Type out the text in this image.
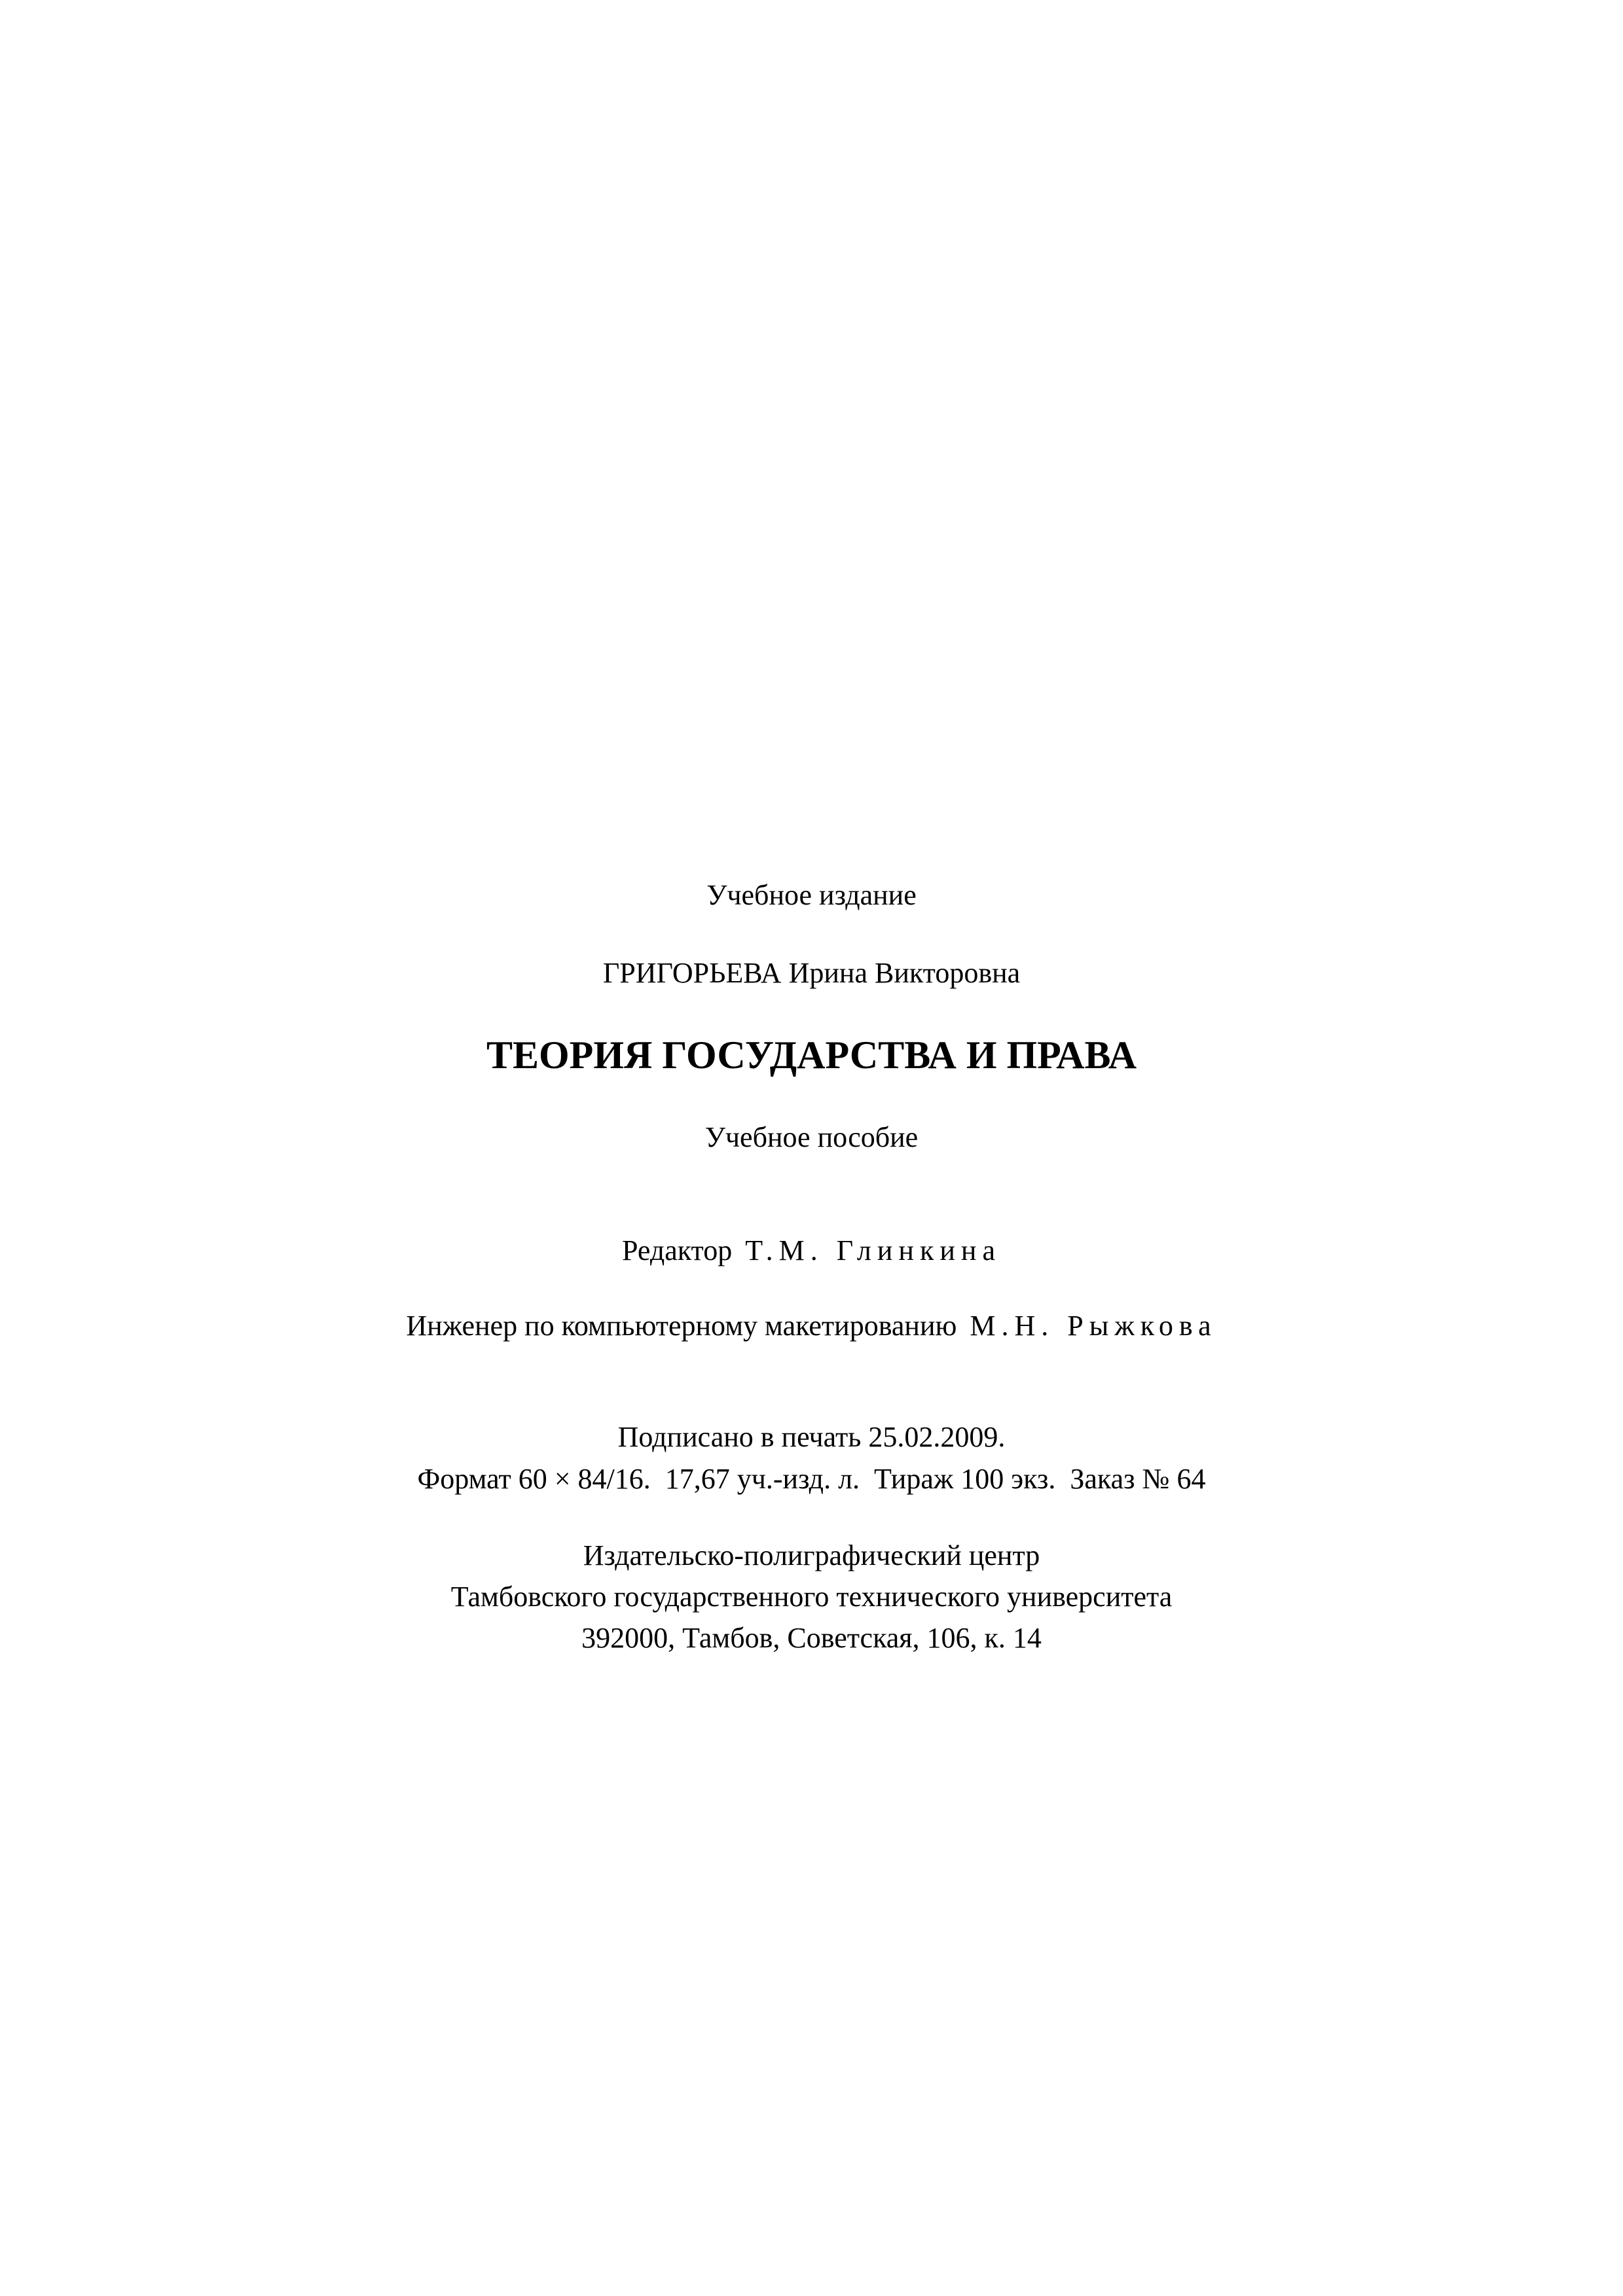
Учебное издание
ГРИГОРЬЕВА Ирина Викторовна
ТЕОРИЯ ГОСУДАРСТВА И ПРАВА
Учебное пособие
Редактор Т.М. Глинкина
Инженер по компьютерному макетированию М.Н. Рыжкова
Подписано в печать 25.02.2009.
Формат 60 × 84/16.  17,67 уч.-изд. л.  Тираж 100 экз.  Заказ № 64
Издательско-полиграфический центр
Тамбовского государственного технического университета
392000, Тамбов, Советская, 106, к. 14
